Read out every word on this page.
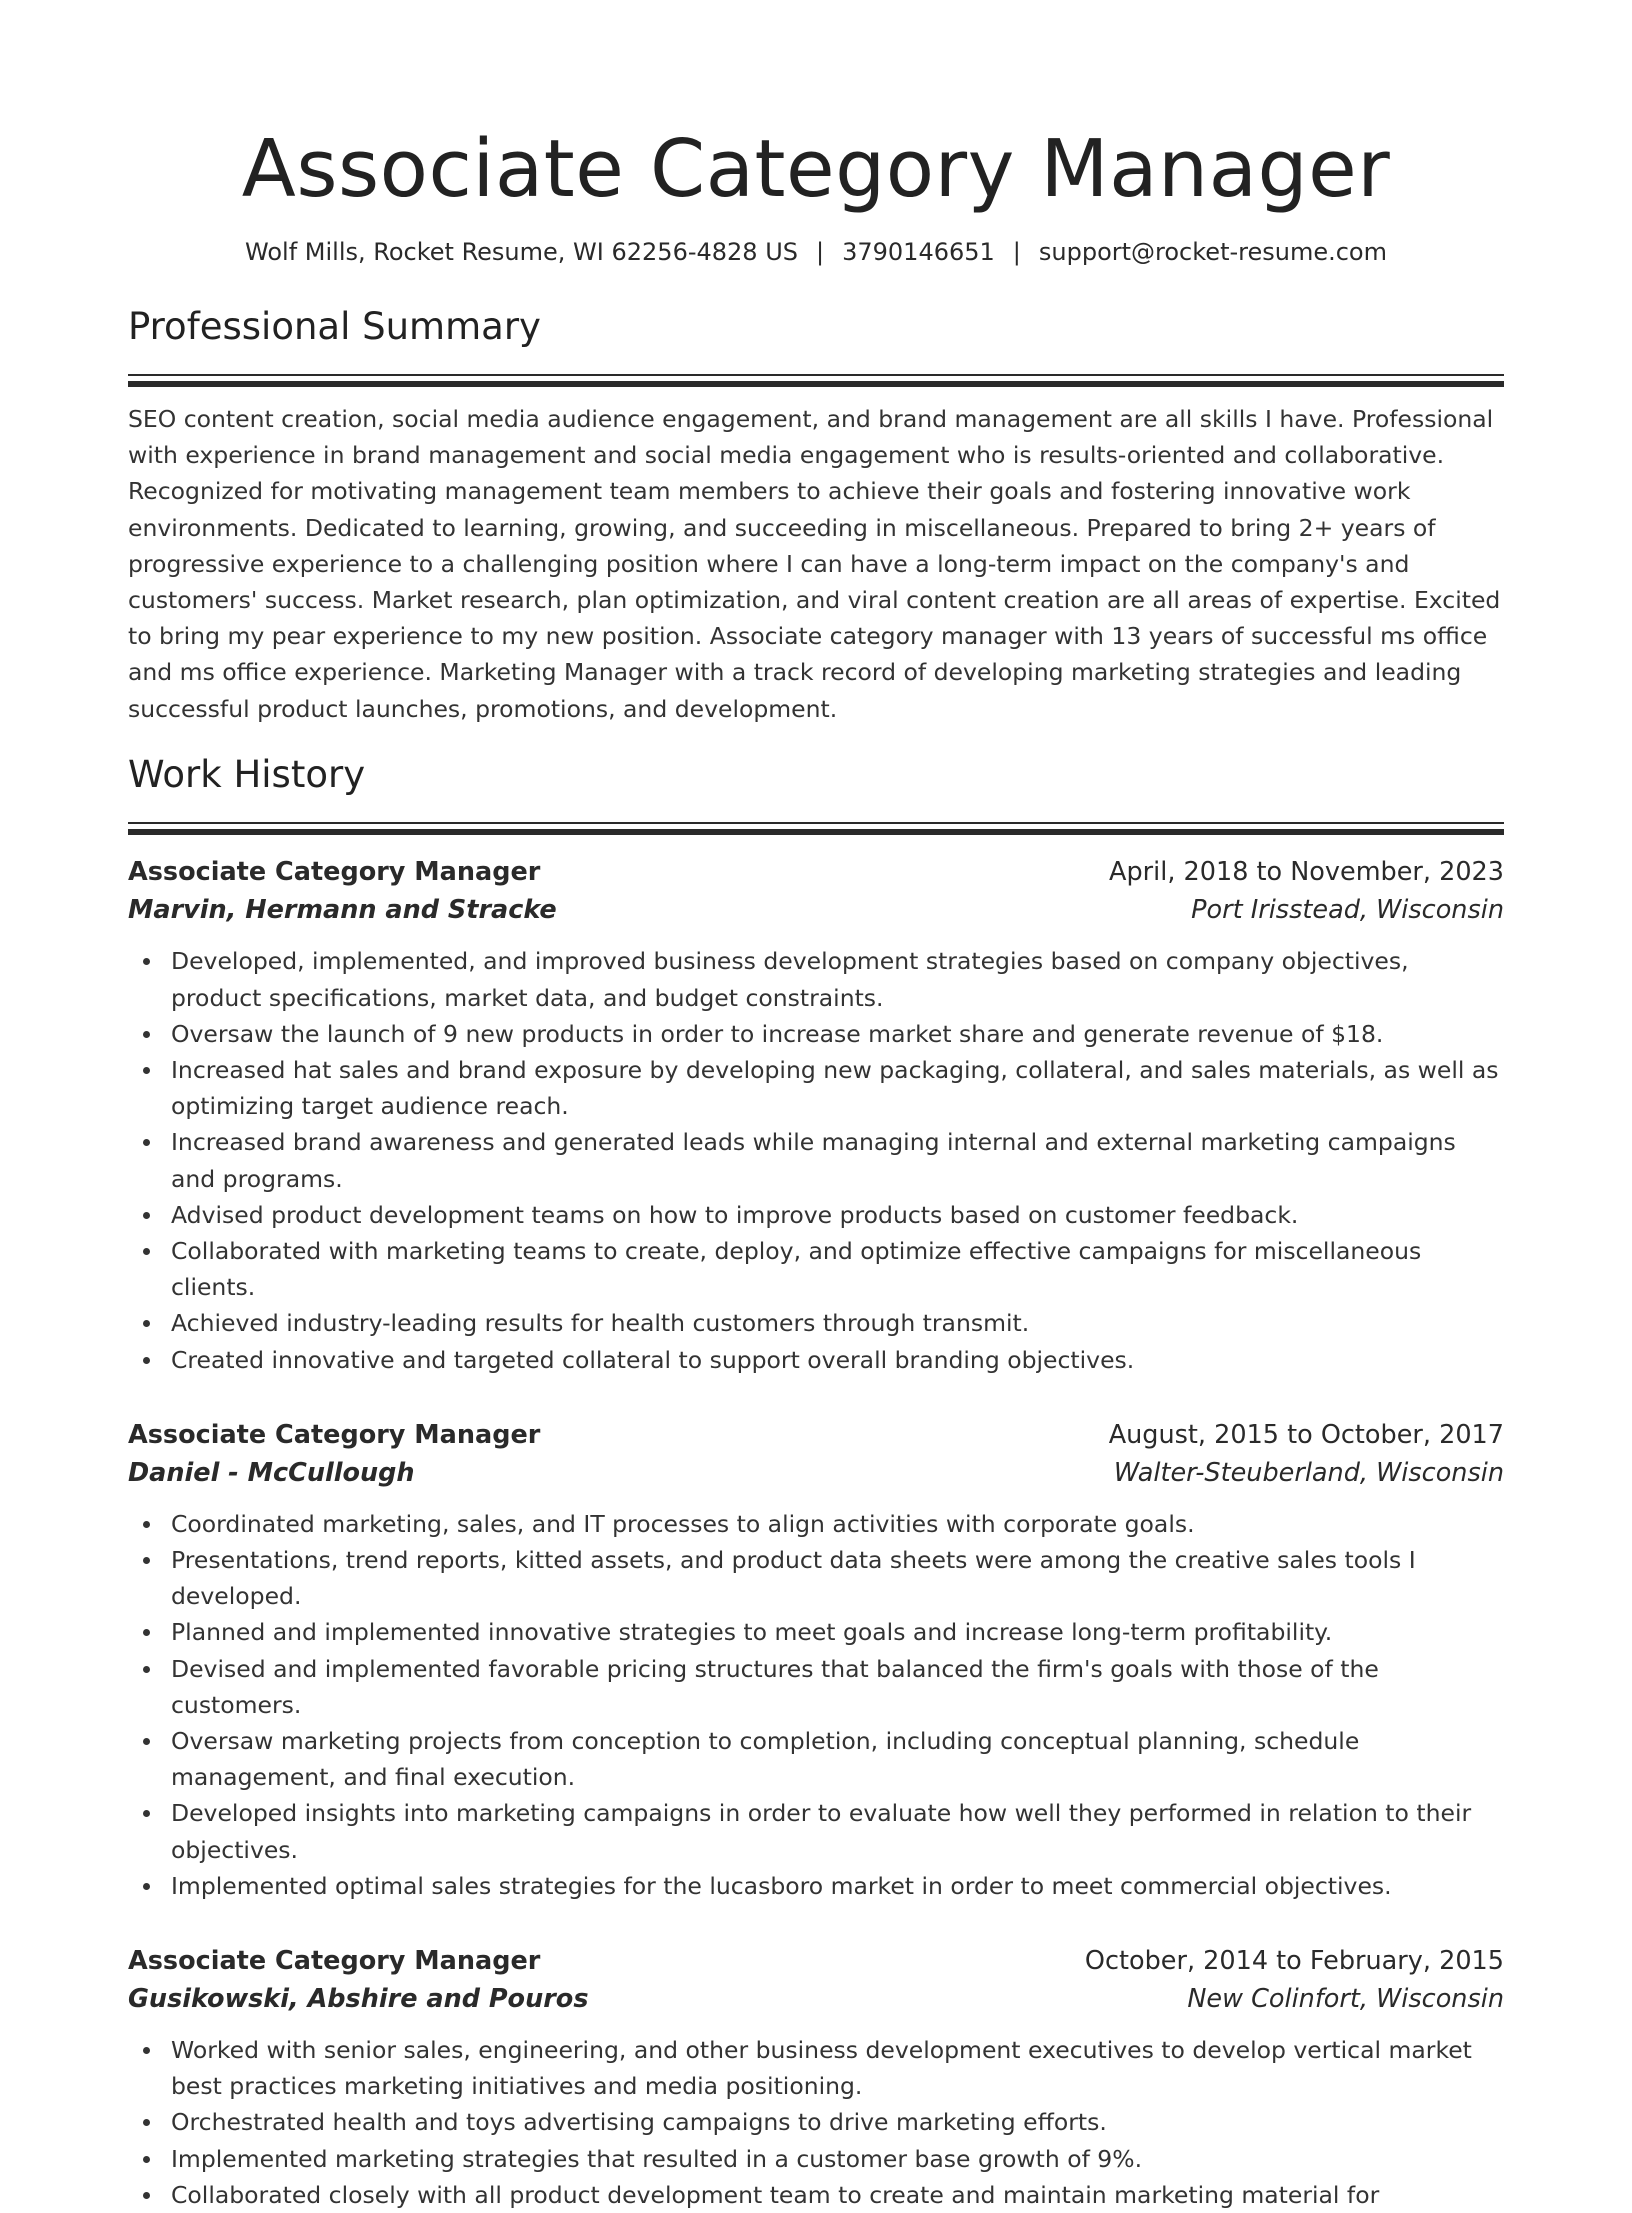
Associate Category Manager
Wolf Mills, Rocket Resume, WI 62256-4828 US | 3790146651 | support@rocket-resume.com
Professional Summary

SEO content creation, social media audience engagement, and brand management are all skills I have. Professional with experience in brand management and social media engagement who is results-oriented and collaborative. Recognized for motivating management team members to achieve their goals and fostering innovative work environments. Dedicated to learning, growing, and succeeding in miscellaneous. Prepared to bring 2+ years of progressive experience to a challenging position where I can have a long-term impact on the company's and customers' success. Market research, plan optimization, and viral content creation are all areas of expertise. Excited to bring my pear experience to my new position. Associate category manager with 13 years of successful ms office and ms office experience. Marketing Manager with a track record of developing marketing strategies and leading successful product launches, promotions, and development.

Work History
Associate Category Manager	April, 2018 to November, 2023
Marvin, Hermann and Stracke	Port Irisstead, Wisconsin
Developed, implemented, and improved business development strategies based on company objectives, product specifications, market data, and budget constraints.
Oversaw the launch of 9 new products in order to increase market share and generate revenue of $18.
Increased hat sales and brand exposure by developing new packaging, collateral, and sales materials, as well as optimizing target audience reach.
Increased brand awareness and generated leads while managing internal and external marketing campaigns and programs.
Advised product development teams on how to improve products based on customer feedback.
Collaborated with marketing teams to create, deploy, and optimize effective campaigns for miscellaneous clients.
Achieved industry-leading results for health customers through transmit.
Created innovative and targeted collateral to support overall branding objectives.
Associate Category Manager	August, 2015 to October, 2017
Daniel - McCullough	Walter-Steuberland, Wisconsin
Coordinated marketing, sales, and IT processes to align activities with corporate goals.
Presentations, trend reports, kitted assets, and product data sheets were among the creative sales tools I developed.
Planned and implemented innovative strategies to meet goals and increase long-term profitability.
Devised and implemented favorable pricing structures that balanced the firm's goals with those of the customers.
Oversaw marketing projects from conception to completion, including conceptual planning, schedule management, and final execution.
Developed insights into marketing campaigns in order to evaluate how well they performed in relation to their objectives.
Implemented optimal sales strategies for the lucasboro market in order to meet commercial objectives.
Associate Category Manager	October, 2014 to February, 2015
Gusikowski, Abshire and Pouros	New Colinfort, Wisconsin
Worked with senior sales, engineering, and other business development executives to develop vertical market best practices marketing initiatives and media positioning.
Orchestrated health and toys advertising campaigns to drive marketing efforts.
Implemented marketing strategies that resulted in a customer base growth of 9%.
Collaborated closely with all product development team to create and maintain marketing material for
